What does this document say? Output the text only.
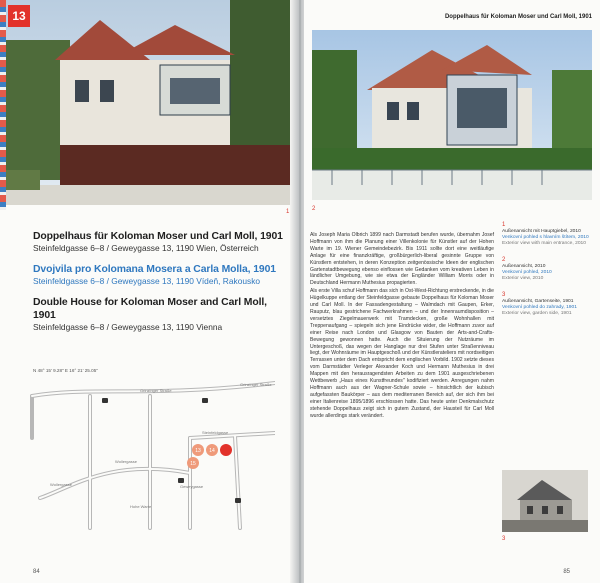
13
1

Doppelhaus für Koloman Moser und Carl Moll, 1901

Steinfeldgasse 6–8 / Geweygasse 13, 1190 Wien, Österreich

Dvojvila pro Kolomana Mosera a Carla Mollа, 1901

Steinfeldgasse 6–8 / Geweygasse 13, 1190 Vídeň, Rakousko

Double House for Koloman Moser and Carl Moll, 1901

Steinfeldgasse 6–8 / Geweygasse 13, 1190 Vienna

N 48° 15' 9.28" E 16° 21' 25.05"
Grinzinger Straße
Grinzinger Straße
Steinfeldgasse
Geweygasse
Wollergasse
Hohe Warte
Wollergasse
14
13
15
84
Doppelhaus für Koloman Moser und Carl Moll, 1901
2

Als Joseph Maria Olbrich 1899 nach Darmstadt berufen wurde, übernahm Josef Hoffmann von ihm die Planung einer Villenkolonie für Künstler auf der Hohen Warte im 19. Wiener Gemeindebezirk. Bis 1911 sollte dort eine weitläufige Anlage für eine finanzkräftige, großbürgerlich-liberal gesinnte Gruppe von Künstlern entstehen, in deren Konzeption zeitgenössische Ideen der englischen Gartenstadtbewegung ebenso einflossen wie Gedanken vom kreativen Leben in ländlicher Umgebung, wie sie etwa der Engländer William Morris oder in Deutschland Hermann Muthesius propagierten.

Als erste Villa schuf Hoffmann das sich in Ost-West-Richtung erstreckende, in die Hügelkuppe entlang der Steinfeldgasse gebaute Doppelhaus für Koloman Moser und Carl Moll. In der Fassadengestaltung – Walmdach mit Gaupen, Erker, Rauputz, blau gestrichene Fachwerkrahmen – und der Innenraumdisposition – versetztes Ziegelmauerwerk mit Tramdecken, große Wohnhallen mit Treppenaufgang – spiegeln sich jene Eindrücke wider, die Hoffmann zuvor auf einer Reise nach London und Glasgow von Bauten der Arts-and-Crafts-Bewegung gewonnen hatte. Auch die Situierung der Nutzräume im Untergeschoß, das wegen der Hanglage nur drei Stufen unter Straßenniveau liegt, der Wohnräume im Hauptgeschoß und der Künstlerateliers mit nordseitigen Terrassen unter dem Dach entspricht dem englischen Vorbild. 1902 setzte dieses vom Darmstädter Verleger Alexander Koch und Hermann Muthesius in drei Mappen mit den herausragendsten Arbeiten zu dem 1901 ausgeschriebenen Wettbewerb „Haus eines Kunstfreundes" kodifiziert werden. Anregungen nahm Hoffmann auch aus der Wagner-Schule sowie – hinsichtlich der kubisch aufgefassten Baukörper – aus dem mediterranen Bereich auf, der sich ihm bei einer Italienreise 1895/1896 erschlossen hatte. Das heute unter Denkmalschutz stehende Doppelhaus zeigt sich in gutem Zustand, der Hausteil für Carl Moll wurde allerdings stark verändert.

1
Außenansicht mit Hauptgiebel, 2010
Venkovní pohled s hlavním štítem, 2010
Exterior view with main entrance, 2010
2
Außenansicht, 2010
Venkovní pohled, 2010
Exterior view, 2010
3
Außenansicht, Gartenseite, 1901
Venkovní pohled do zahrady, 1901
Exterior view, garden side, 1901
3
85
